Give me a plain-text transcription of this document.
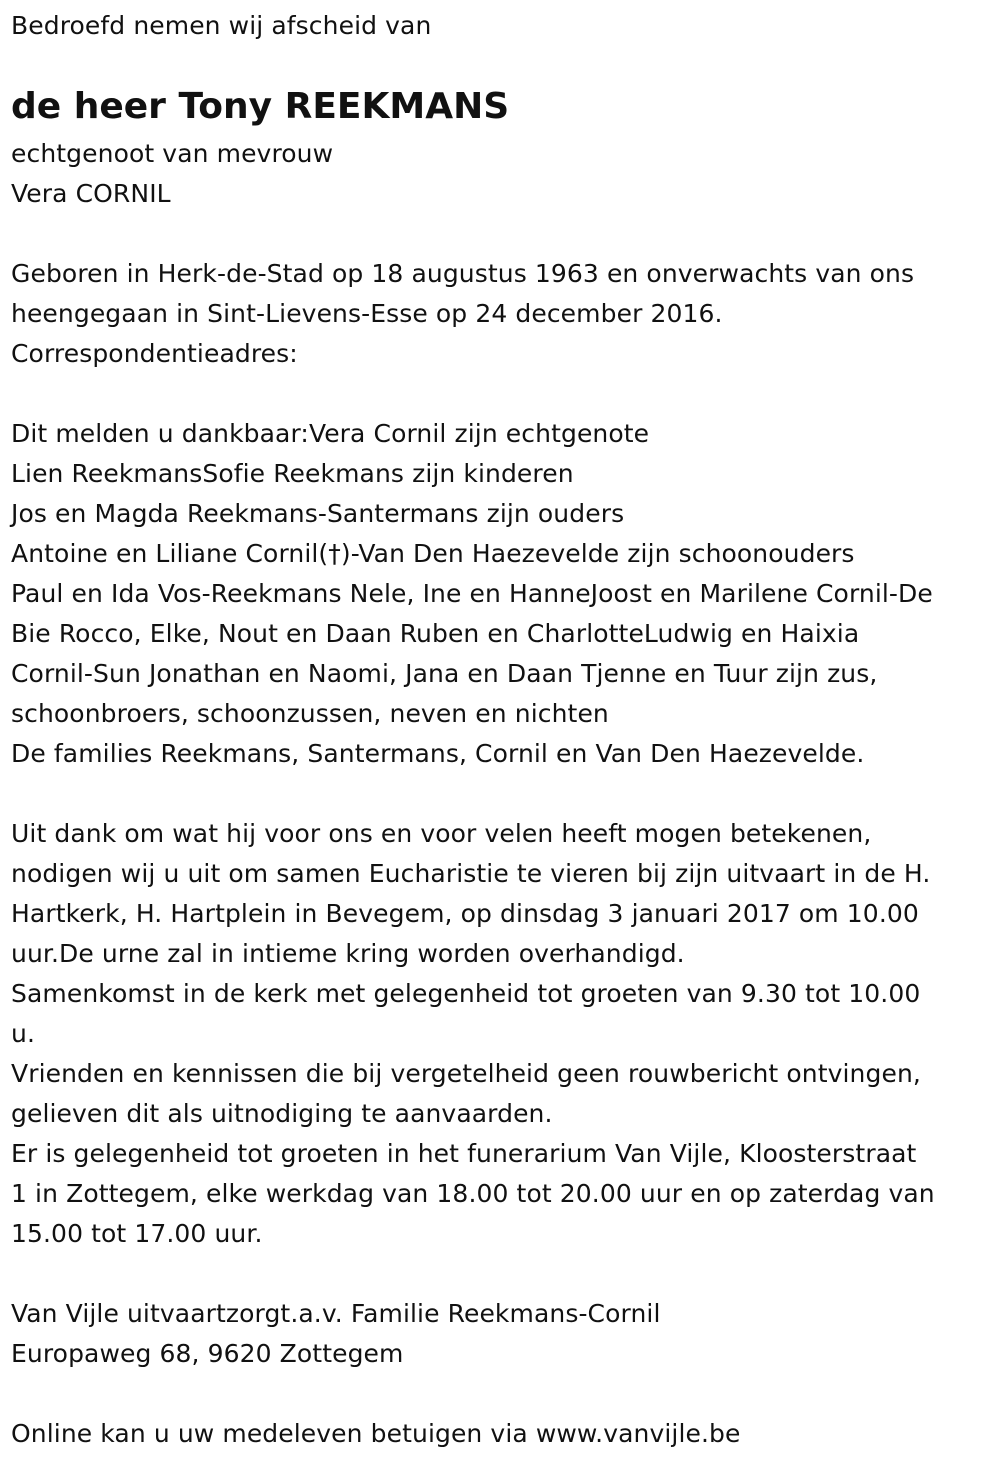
Bedroefd nemen wij afscheid van
de heer Tony REEKMANS
echtgenoot van mevrouw
Vera CORNIL
Geboren in Herk-de-Stad op 18 augustus 1963 en onverwachts van ons
heengegaan in Sint-Lievens-Esse op 24 december 2016.
Correspondentieadres:
Dit melden u dankbaar:Vera Cornil zijn echtgenote
Lien ReekmansSofie Reekmans zijn kinderen
Jos en Magda Reekmans-Santermans zijn ouders
Antoine en Liliane Cornil(†)-Van Den Haezevelde zijn schoonouders
Paul en Ida Vos-Reekmans Nele, Ine en HanneJoost en Marilene Cornil-De
Bie Rocco, Elke, Nout en Daan Ruben en CharlotteLudwig en Haixia
Cornil-Sun Jonathan en Naomi, Jana en Daan Tjenne en Tuur zijn zus,
schoonbroers, schoonzussen, neven en nichten
De families Reekmans, Santermans, Cornil en Van Den Haezevelde.
Uit dank om wat hij voor ons en voor velen heeft mogen betekenen,
nodigen wij u uit om samen Eucharistie te vieren bij zijn uitvaart in de H.
Hartkerk, H. Hartplein in Bevegem, op dinsdag 3 januari 2017 om 10.00
uur.De urne zal in intieme kring worden overhandigd.
Samenkomst in de kerk met gelegenheid tot groeten van 9.30 tot 10.00
u.
Vrienden en kennissen die bij vergetelheid geen rouwbericht ontvingen,
gelieven dit als uitnodiging te aanvaarden.
Er is gelegenheid tot groeten in het funerarium Van Vijle, Kloosterstraat
1 in Zottegem, elke werkdag van 18.00 tot 20.00 uur en op zaterdag van
15.00 tot 17.00 uur.
Van Vijle uitvaartzorgt.a.v. Familie Reekmans-Cornil
Europaweg 68, 9620 Zottegem
Online kan u uw medeleven betuigen via www.vanvijle.be
